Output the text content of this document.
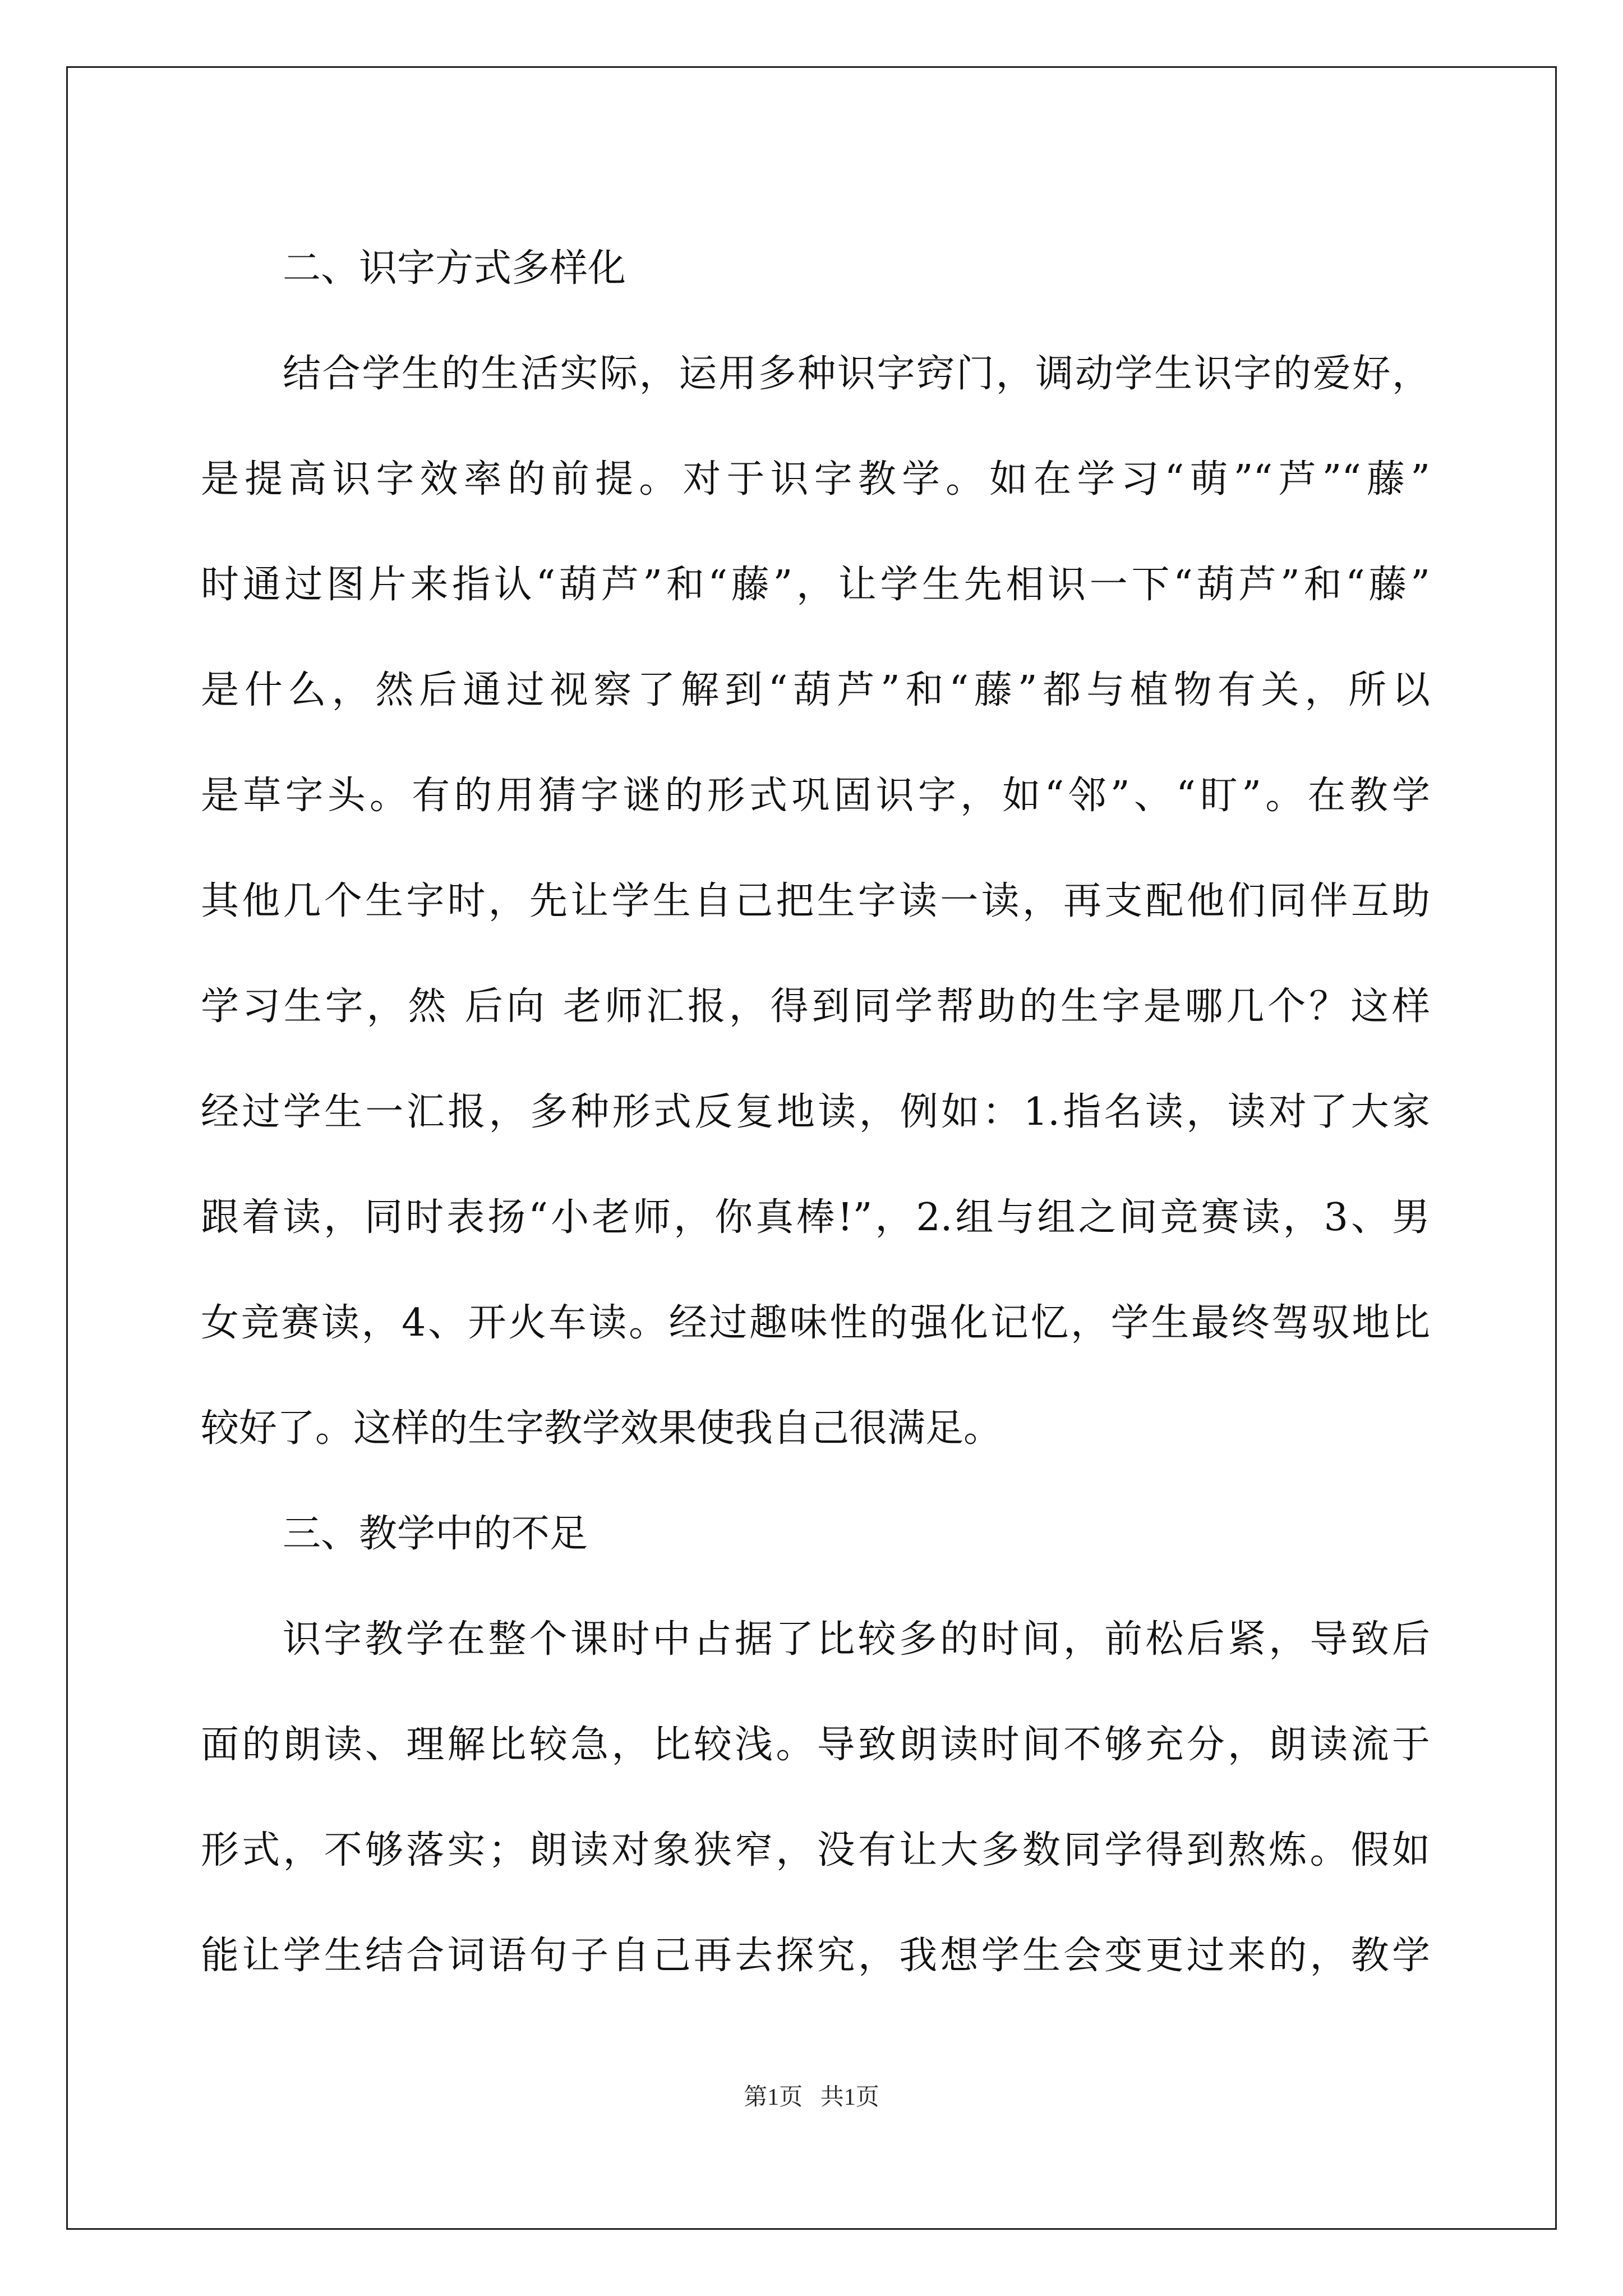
二、识字方式多样化
结合学生的生活实际，运用多种识字窍门，调动学生识字的爱好，
是提高识字效率的前提。对于识字教学。如在学习“萌”“芦”“藤”
时通过图片来指认“葫芦”和“藤”，让学生先相识一下“葫芦”和“藤”
是什么，然后通过视察了解到“葫芦”和“藤”都与植物有关，所以
是草字头。有的用猜字谜的形式巩固识字，如“邻”、“盯”。在教学
其他几个生字时，先让学生自己把生字读一读，再支配他们同伴互助
学习生字，然 后向 老师汇报，得到同学帮助的生字是哪几个？这样
经过学生一汇报，多种形式反复地读，例如：1.指名读，读对了大家
跟着读，同时表扬“小老师，你真棒!”，2.组与组之间竞赛读，3、男
女竞赛读，4、开火车读。经过趣味性的强化记忆，学生最终驾驭地比
较好了。这样的生字教学效果使我自己很满足。
三、教学中的不足
识字教学在整个课时中占据了比较多的时间，前松后紧，导致后
面的朗读、理解比较急，比较浅。导致朗读时间不够充分，朗读流于
形式，不够落实；朗读对象狭窄，没有让大多数同学得到熬炼。假如
能让学生结合词语句子自己再去探究，我想学生会变更过来的，教学
第1页 共1页
